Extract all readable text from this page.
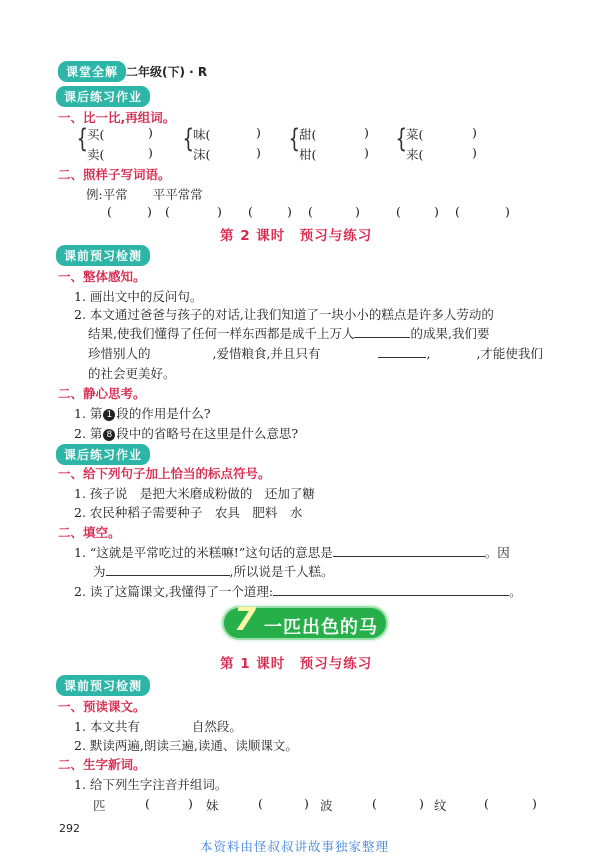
课堂全解 二年级(下) · R
课后练习作业
一、比一比,再组词。
{
买(	)
卖(	) {
味(	)
沫(	) {
甜(	)
柑(	) {
菜(	)
来(	)
二、照样子写词语。
例:平常　　平平常常
(	) (	) (	) (	)	(	) (	)
第 2 课时　预习与练习
课前预习检测
一、整体感知。
1. 画出文中的反问句。
2. 本文通过爸爸与孩子的对话,让我们知道了一块小小的糕点是许多人劳动的
结果,使我们懂得了任何一样东西都是成千上万人	的成果,我们要
珍惜别人的	,爱惜粮食,并且只有	,	,才能使我们
的社会更美好。
二、静心思考。
1. 第 1 段的作用是什么?
2. 第 8 段中的省略号在这里是什么意思?
课后练习作业
一、给下列句子加上恰当的标点符号。
1. 孩子说　是把大米磨成粉做的　还加了糖
2. 农民种稻子需要种子　农具　肥料　水
二、填空。
1. “这就是平常吃过的米糕嘛!”这句话的意思是	。因
为	,所以说是千人糕。
2. 读了这篇课文,我懂得了一个道理:	。
7 一匹出色的马
第 1 课时　预习与练习
课前预习检测
一、预读课文。
1. 本文共有	自然段。
2. 默读两遍,朗读三遍,读通、读顺课文。
二、生字新词。
1. 给下列生字注音并组词。
匹	(	) 妹	(	) 波	(	) 纹	(	)
292
本资料由怪叔叔讲故事独家整理
